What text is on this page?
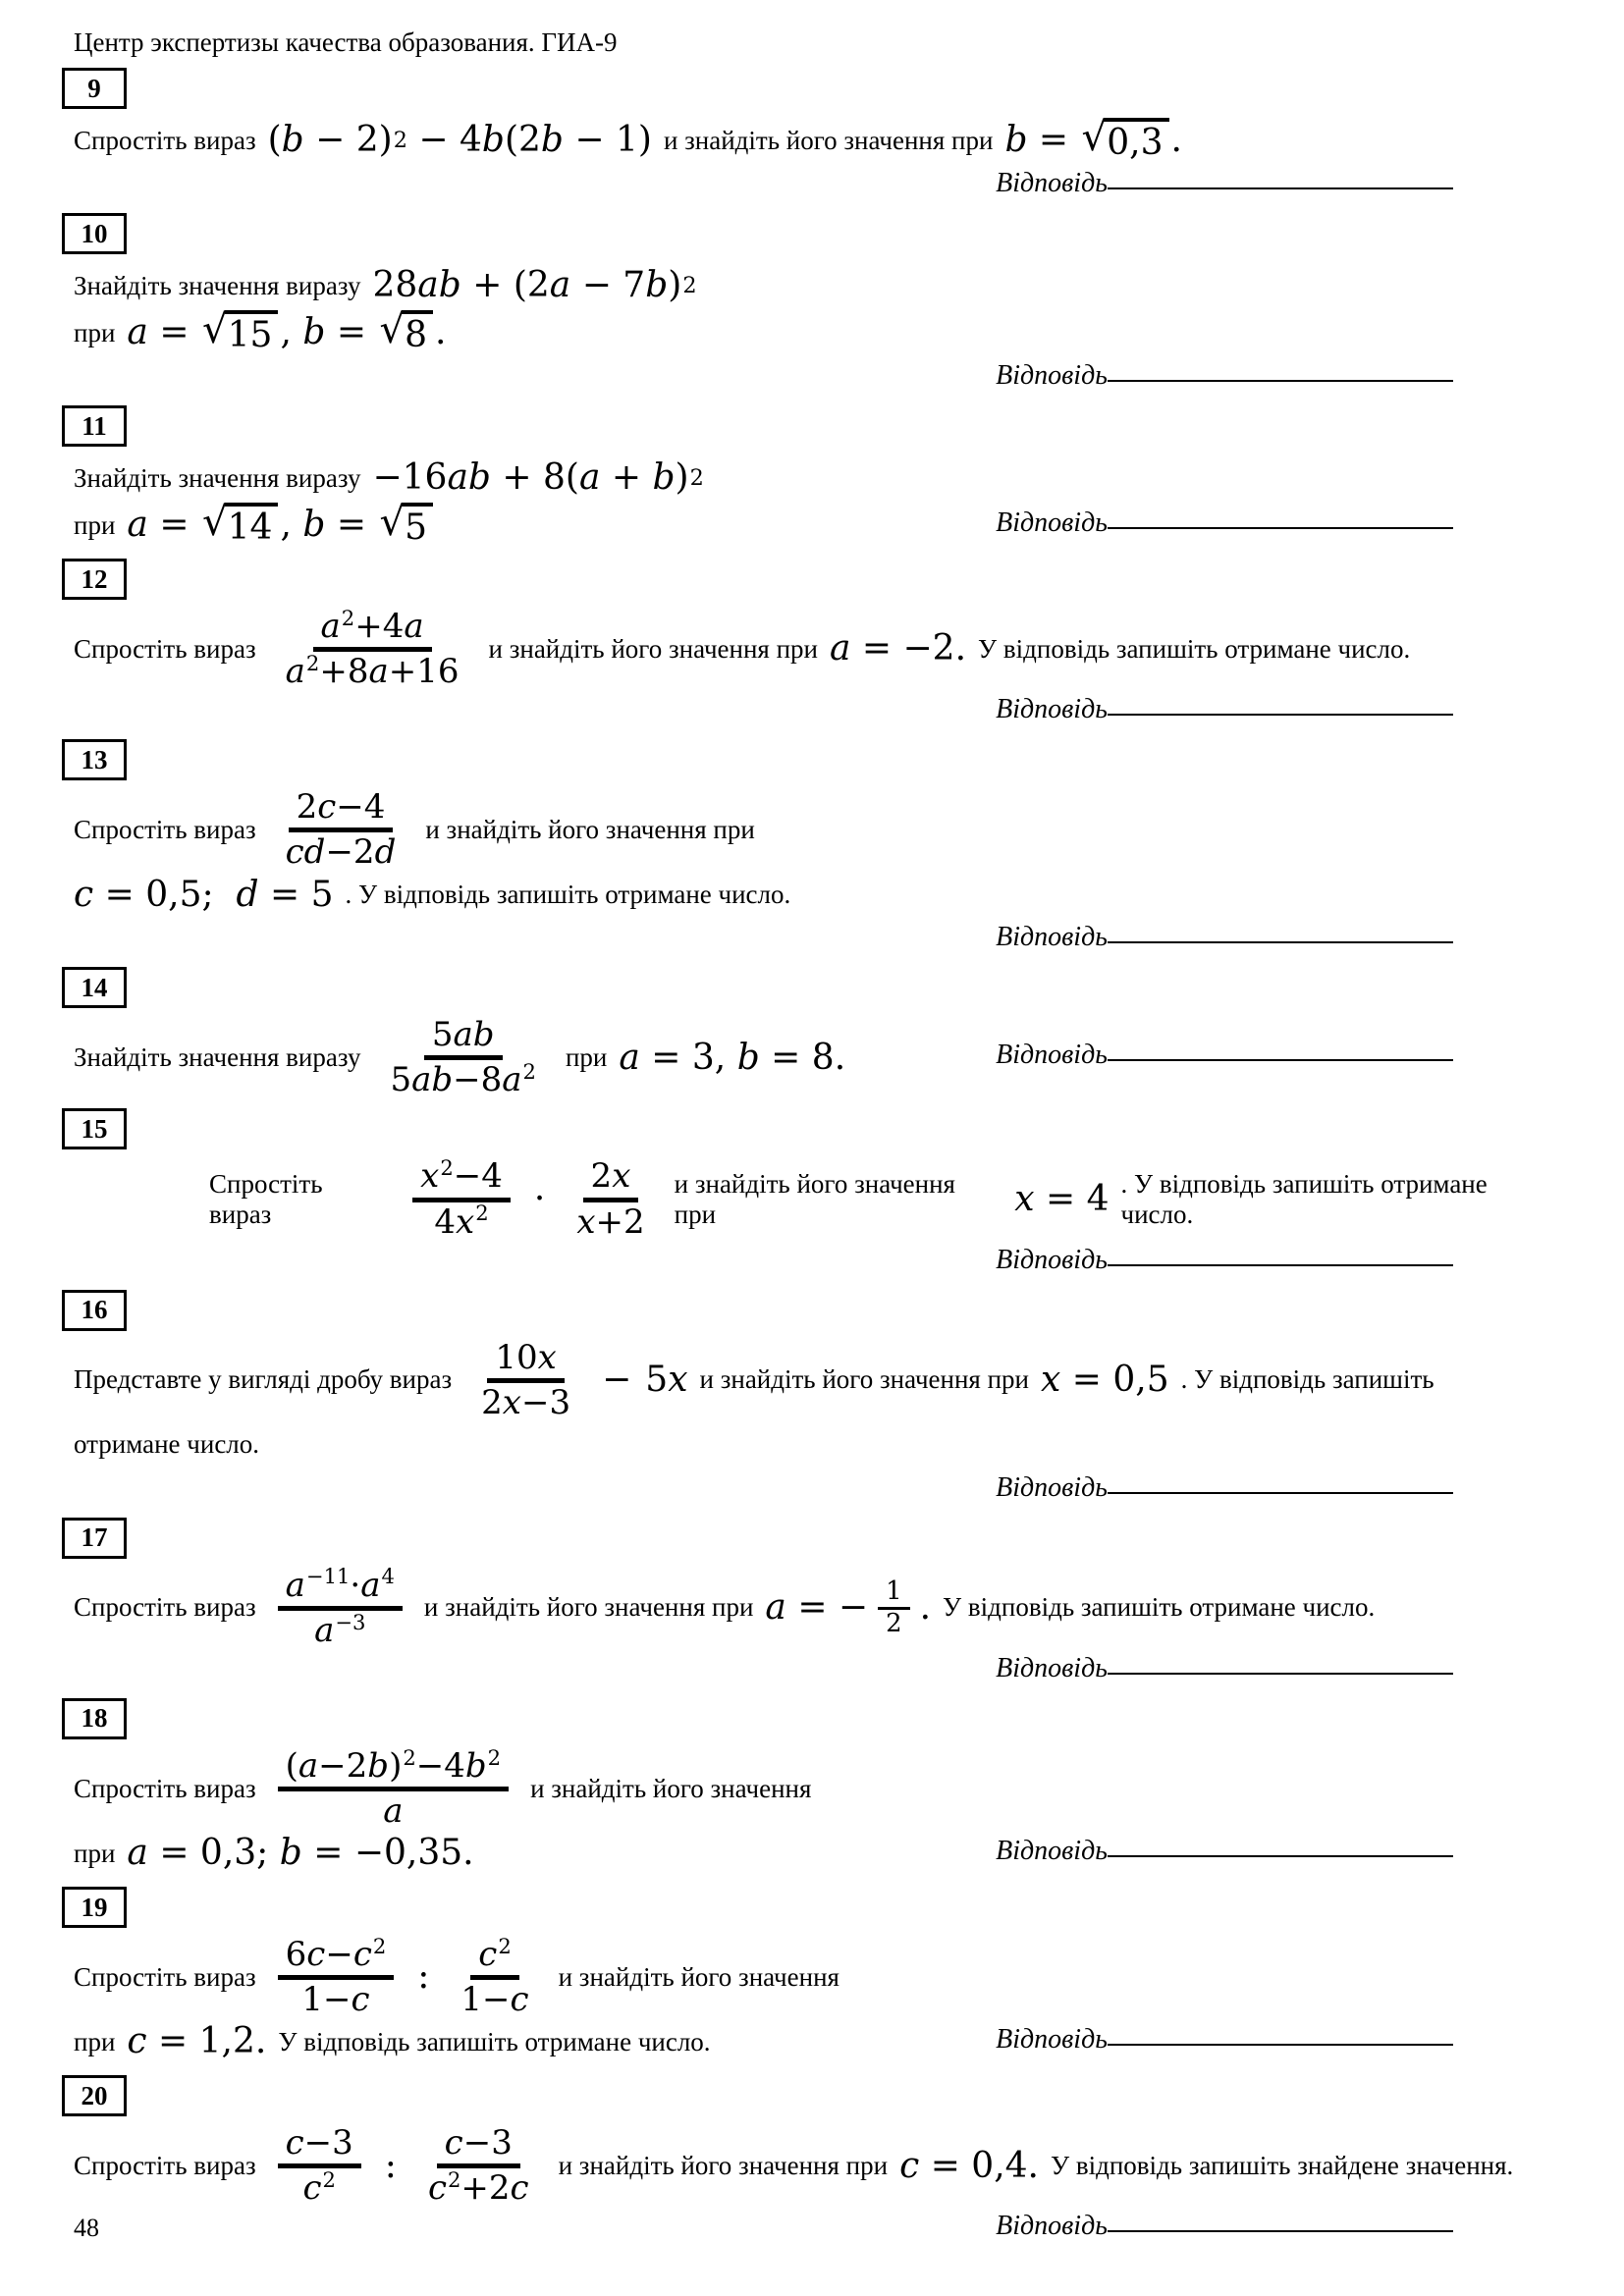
Центр экспертизы качества образования. ГИА-9
9
Спростіть вираз (b − 2) 2 − 4b(2b − 1) и знайдіть його значення при b = √ 0,3 .
Відповідь
10
Знайдіть значення виразу 28ab + (2a − 7b) 2
при a = √ 15 , b = √ 8 .
Відповідь
11
Знайдіть значення виразу −16ab + 8(a + b) 2
при a = √ 14 , b = √ 5	Відповідь
12
Спростіть вираз
$a^2+4a$
$a^2+8a+16$
и знайдіть його значення при a = −2. У відповідь запишіть отримане число.
Відповідь
13
Спростіть вираз
2c−4
cd−2d
и знайдіть його значення при
c = 0,5;  d = 5 . У відповідь запишіть отримане число.
Відповідь
14
Знайдіть значення виразу
5ab
$5ab-8a^2$ при a = 3, b = 8.	Відповідь
15
Спростіть вираз
$x^2-4$
$4x^2$ ·
2x
x+2
и знайдіть його значення при	x = 4 . У відповідь запишіть отримане число.
Відповідь
16
Представте у вигляді дробу вираз
10x
2x−3
− 5x и знайдіть його значення при x = 0,5 . У відповідь запишіть
отримане число.
Відповідь
17
Спростіть вираз
$a^{-11}\cdot a^4$
$a^{-3}$ и знайдіть його значення при a = − $\frac{1}{2}$ . У відповідь запишіть отримане число.
Відповідь
18
Спростіть вираз
$(a-2b)^2-4b^2$
a
и знайдіть його значення
при a = 0,3; b = −0,35.	Відповідь
19
Спростіть вираз
$6c-c^2$
1−c
:
$c^2$
1−c
и знайдіть його значення
при c = 1,2. У відповідь запишіть отримане число.	Відповідь
20
Спростіть вираз
c−3
$c^2$ :
c−3
$c^2+2c$
и знайдіть його значення при c = 0,4. У відповідь запишіть знайдене значення.
Відповідь
48
